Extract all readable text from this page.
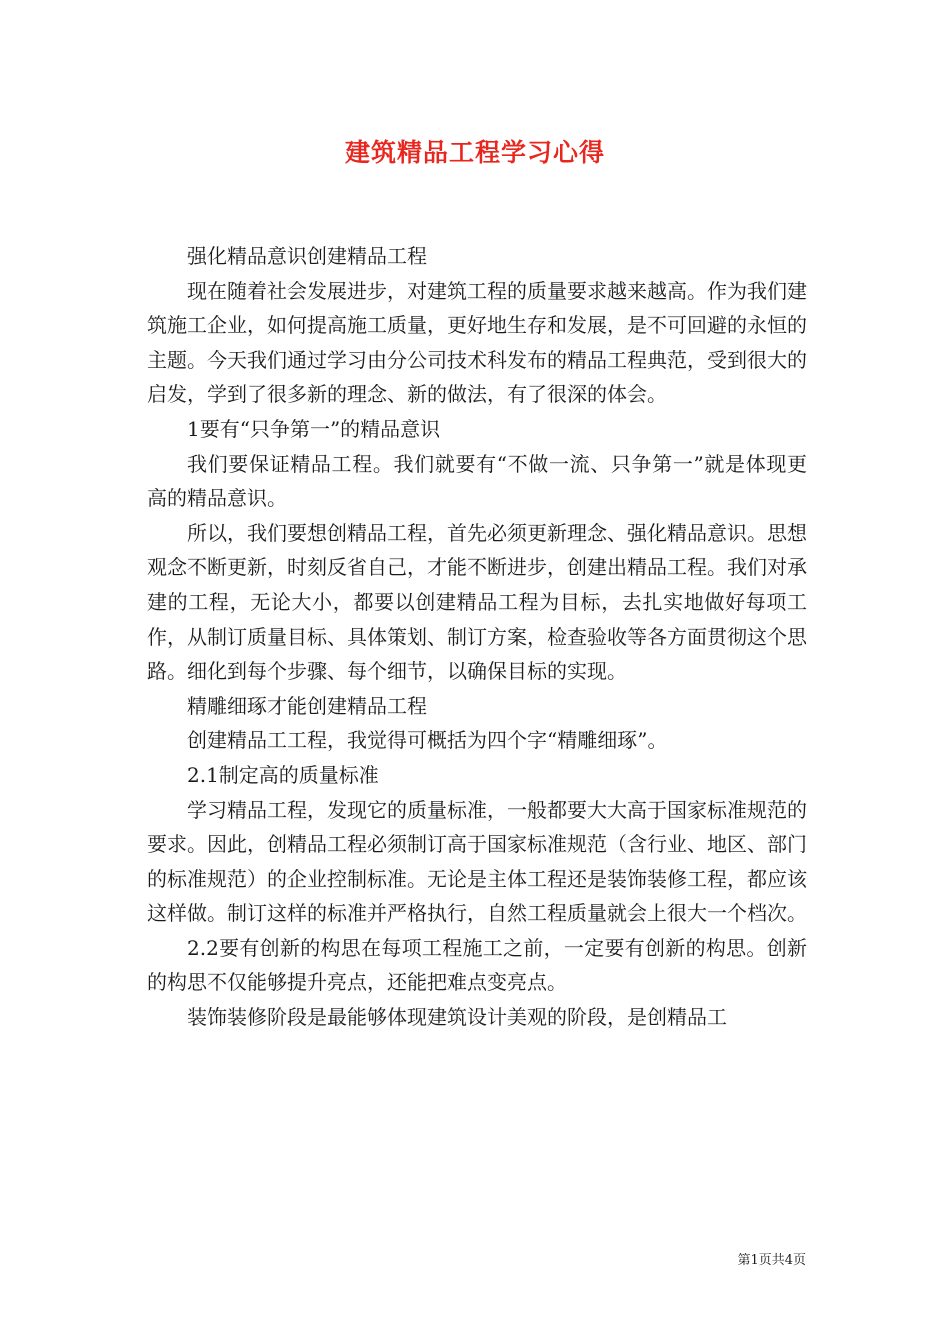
建筑精品工程学习心得

强化精品意识创建精品工程

现在随着社会发展进步，对建筑工程的质量要求越来越高。作为我们建筑施工企业，如何提高施工质量，更好地生存和发展，是不可回避的永恒的主题。今天我们通过学习由分公司技术科发布的精品工程典范，受到很大的启发，学到了很多新的理念、新的做法，有了很深的体会。

1要有“只争第一”的精品意识

我们要保证精品工程。我们就要有“不做一流、只争第一”就是体现更高的精品意识。

所以，我们要想创精品工程，首先必须更新理念、强化精品意识。思想观念不断更新，时刻反省自己，才能不断进步，创建出精品工程。我们对承建的工程，无论大小，都要以创建精品工程为目标，去扎实地做好每项工作，从制订质量目标、具体策划、制订方案，检查验收等各方面贯彻这个思路。细化到每个步骤、每个细节，以确保目标的实现。

精雕细琢才能创建精品工程

创建精品工工程，我觉得可概括为四个字“精雕细琢”。

2.1制定高的质量标准

学习精品工程，发现它的质量标准，一般都要大大高于国家标准规范的要求。因此，创精品工程必须制订高于国家标准规范（含行业、地区、部门的标准规范）的企业控制标准。无论是主体工程还是装饰装修工程，都应该这样做。制订这样的标准并严格执行，自然工程质量就会上很大一个档次。

2.2要有创新的构思在每项工程施工之前，一定要有创新的构思。创新的构思不仅能够提升亮点，还能把难点变亮点。

装饰装修阶段是最能够体现建筑设计美观的阶段，是创精品工

第1页共4页
